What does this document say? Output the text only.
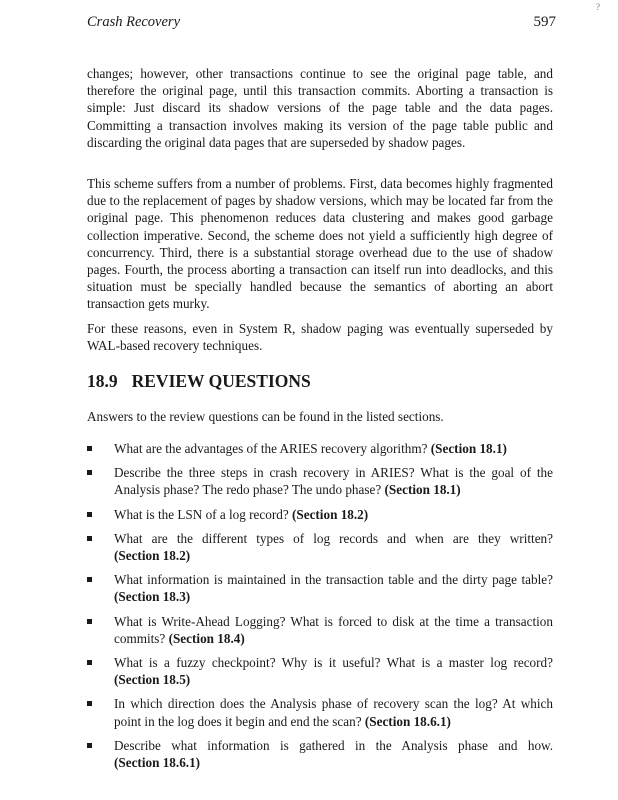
Crash Recovery	597
?

changes; however, other transactions continue to see the original page table, and therefore the original page, until this transaction commits. Aborting a transaction is simple: Just discard its shadow versions of the page table and the data pages. Committing a transaction involves making its version of the page table public and discarding the original data pages that are superseded by shadow pages.

This scheme suffers from a number of problems. First, data becomes highly fragmented due to the replacement of pages by shadow versions, which may be located far from the original page. This phenomenon reduces data clustering and makes good garbage collection imperative. Second, the scheme does not yield a sufficiently high degree of concurrency. Third, there is a substantial storage overhead due to the use of shadow pages. Fourth, the process aborting a transaction can itself run into deadlocks, and this situation must be specially handled because the semantics of aborting an abort transaction gets murky.

For these reasons, even in System R, shadow paging was eventually superseded by WAL-based recovery techniques.

18.9 REVIEW QUESTIONS

Answers to the review questions can be found in the listed sections.

What are the advantages of the ARIES recovery algorithm? (Section 18.1)
Describe the three steps in crash recovery in ARIES? What is the goal of the Analysis phase? The redo phase? The undo phase? (Section 18.1)
What is the LSN of a log record? (Section 18.2)
What are the different types of log records and when are they written? (Section 18.2)
What information is maintained in the transaction table and the dirty page table? (Section 18.3)
What is Write-Ahead Logging? What is forced to disk at the time a transaction commits? (Section 18.4)
What is a fuzzy checkpoint? Why is it useful? What is a master log record? (Section 18.5)
In which direction does the Analysis phase of recovery scan the log? At which point in the log does it begin and end the scan? (Section 18.6.1)
Describe what information is gathered in the Analysis phase and how. (Section 18.6.1)
